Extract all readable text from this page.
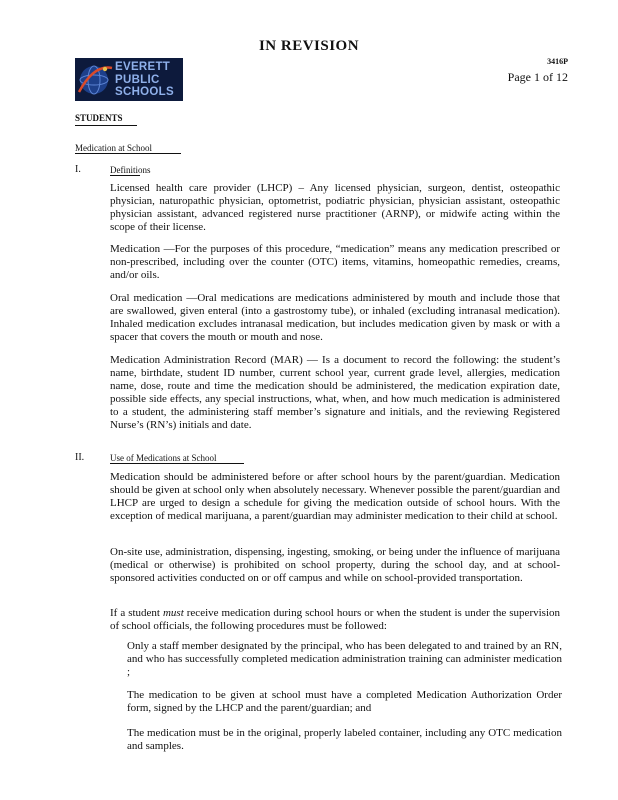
IN REVISION
EVERETT
PUBLIC
SCHOOLS
3416P
Page 1 of 12
STUDENTS
Medication at School
I.	Definitions
Licensed health care provider (LHCP) – Any licensed physician, surgeon, dentist, osteopathic physician, naturopathic physician, optometrist, podiatric physician, physician assistant, osteopathic physician assistant, advanced registered nurse practitioner (ARNP), or midwife acting within the scope of their license.
Medication —For the purposes of this procedure, “medication” means any medication prescribed or non-prescribed, including over the counter (OTC) items, vitamins, homeopathic remedies, creams, and/or oils.
Oral medication —Oral medications are medications administered by mouth and include those that are swallowed, given enteral (into a gastrostomy tube), or inhaled (excluding intranasal medication). Inhaled medication excludes intranasal medication, but includes medication given by mask or with a spacer that covers the mouth or mouth and nose.
Medication Administration Record (MAR) — Is a document to record the following: the student’s name, birthdate, student ID number, current school year, current grade level, allergies, medication name, dose, route and time the medication should be administered, the medication expiration date, possible side effects, any special instructions, what, when, and how much medication is administered to a student, the administering staff member’s signature and initials, and the reviewing Registered Nurse’s (RN’s) initials and date.
II.	Use of Medications at School
Medication should be administered before or after school hours by the parent/guardian. Medication should be given at school only when absolutely necessary. Whenever possible the parent/guardian and LHCP are urged to design a schedule for giving the medication outside of school hours. With the exception of medical marijuana, a parent/guardian may administer medication to their child at school.
On-site use, administration, dispensing, ingesting, smoking, or being under the influence of marijuana (medical or otherwise) is prohibited on school property, during the school day, and at school-sponsored activities conducted on or off campus and while on school-provided transportation.
If a student must receive medication during school hours or when the student is under the supervision of school officials, the following procedures must be followed:
Only a staff member designated by the principal, who has been delegated to and trained by an RN, and who has successfully completed medication administration training can administer medication ;
The medication to be given at school must have a completed Medication Authorization Order form, signed by the LHCP and the parent/guardian; and
The medication must be in the original, properly labeled container, including any OTC medication and samples.
